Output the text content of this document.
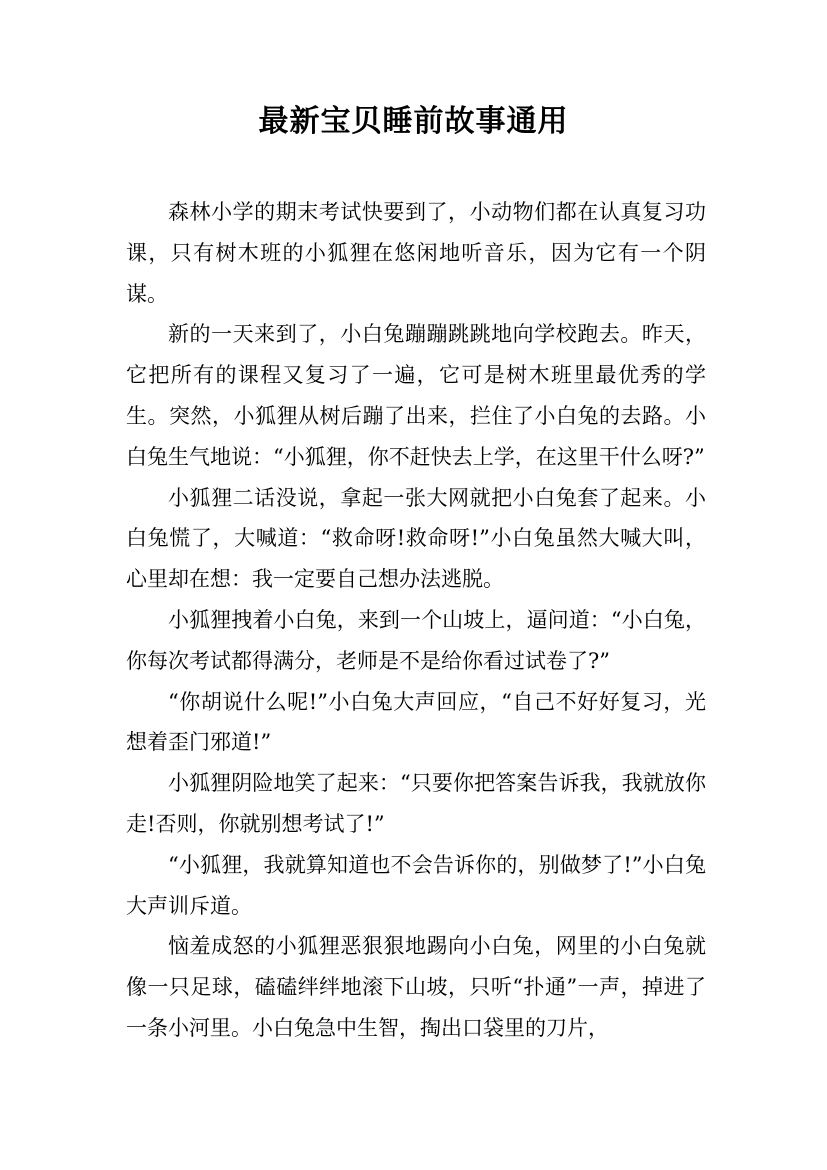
最新宝贝睡前故事通用

森林小学的期末考试快要到了，小动物们都在认真复习功课，只有树木班的小狐狸在悠闲地听音乐，因为它有一个阴谋。

新的一天来到了，小白兔蹦蹦跳跳地向学校跑去。昨天，它把所有的课程又复习了一遍，它可是树木班里最优秀的学生。突然，小狐狸从树后蹦了出来，拦住了小白兔的去路。小白兔生气地说：“小狐狸，你不赶快去上学，在这里干什么呀?”

小狐狸二话没说，拿起一张大网就把小白兔套了起来。小白兔慌了，大喊道：“救命呀!救命呀!”小白兔虽然大喊大叫，心里却在想：我一定要自己想办法逃脱。

小狐狸拽着小白兔，来到一个山坡上，逼问道：“小白兔，你每次考试都得满分，老师是不是给你看过试卷了?”

“你胡说什么呢!”小白兔大声回应，“自己不好好复习，光想着歪门邪道!”

小狐狸阴险地笑了起来：“只要你把答案告诉我，我就放你走!否则，你就别想考试了!”

“小狐狸，我就算知道也不会告诉你的，别做梦了!”小白兔大声训斥道。

恼羞成怒的小狐狸恶狠狠地踢向小白兔，网里的小白兔就像一只足球，磕磕绊绊地滚下山坡，只听“扑通”一声，掉进了一条小河里。小白兔急中生智，掏出口袋里的刀片，
